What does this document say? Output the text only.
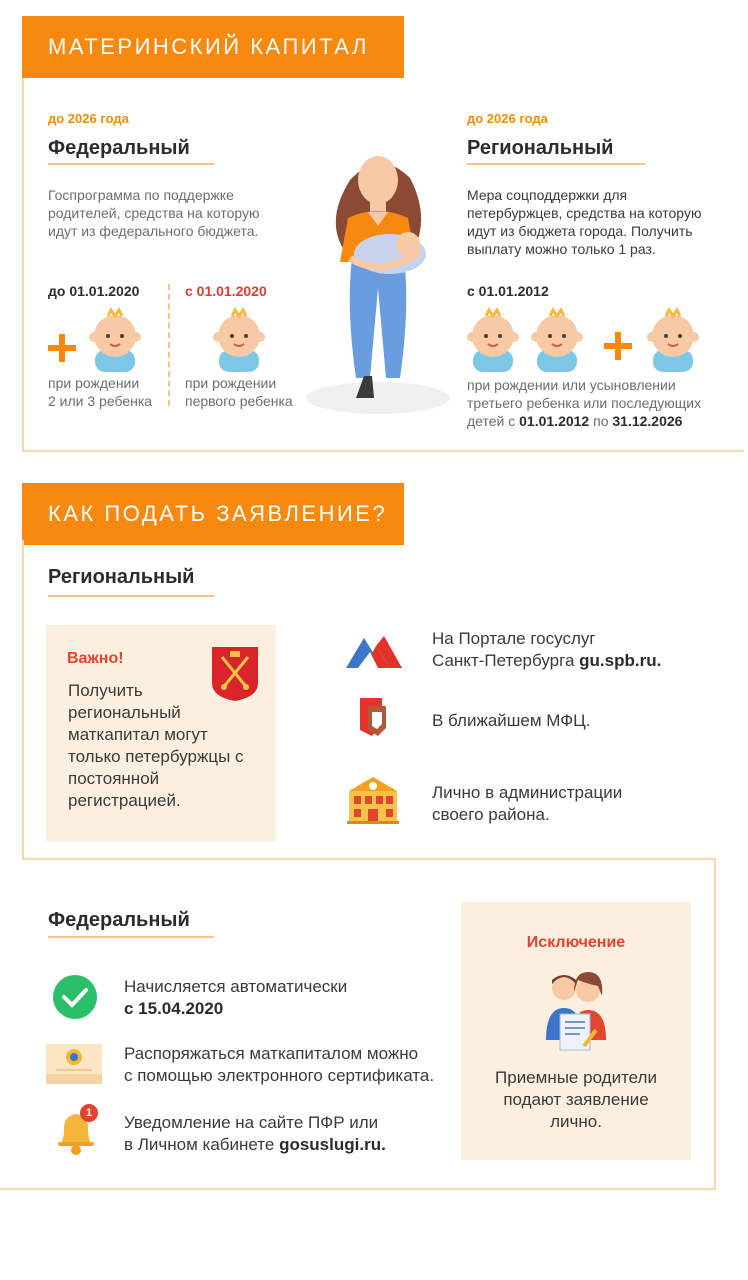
МАТЕРИНСКИЙ КАПИТАЛ
до 2026 года
Федеральный
Госпрограмма по поддержке родителей, средства на которую идут из федерального бюджета.
до 01.01.2020
при рождении
2 или 3 ребенка
с 01.01.2020
при рождении
первого ребенка
до 2026 года
Региональный
Мера соцподдержки для петербуржцев, средства на которую идут из бюджета города. Получить выплату можно только 1 раз.
с 01.01.2012
при рождении или усыновлении
третьего ребенка или последующих
детей с 01.01.2012 по 31.12.2026
КАК ПОДАТЬ ЗАЯВЛЕНИЕ?
Региональный
Важно!
Получить региональный маткапитал могут только петербуржцы с постоянной регистрацией.
На Портале госуслуг
Санкт-Петербурга gu.spb.ru.
В ближайшем МФЦ.
Лично в администрации
своего района.
Федеральный
Начисляется автоматически
с 15.04.2020
Распоряжаться маткапиталом можно
с помощью электронного сертификата.
1	Уведомление на сайте ПФР или
в Личном кабинете gosuslugi.ru.
Исключение
Приемные родители подают заявление лично.
